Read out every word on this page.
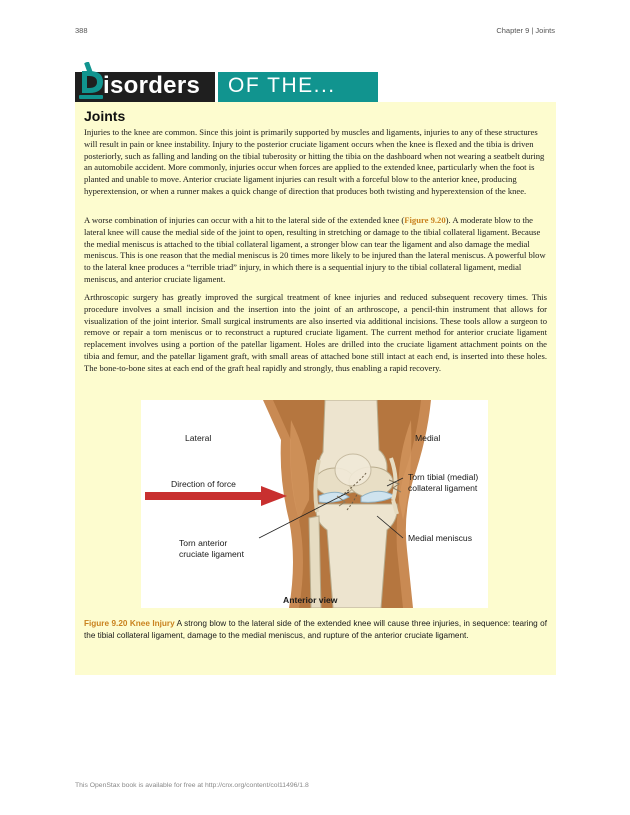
388	Chapter 9 | Joints
isorders OF THE...
Joints

Injuries to the knee are common. Since this joint is primarily supported by muscles and ligaments, injuries to any of these structures will result in pain or knee instability. Injury to the posterior cruciate ligament occurs when the knee is flexed and the tibia is driven posteriorly, such as falling and landing on the tibial tuberosity or hitting the tibia on the dashboard when not wearing a seatbelt during an automobile accident. More commonly, injuries occur when forces are applied to the extended knee, particularly when the foot is planted and unable to move. Anterior cruciate ligament injuries can result with a forceful blow to the anterior knee, producing hyperextension, or when a runner makes a quick change of direction that produces both twisting and hyperextension of the knee.

A worse combination of injuries can occur with a hit to the lateral side of the extended knee (Figure 9.20). A moderate blow to the lateral knee will cause the medial side of the joint to open, resulting in stretching or damage to the tibial collateral ligament. Because the medial meniscus is attached to the tibial collateral ligament, a stronger blow can tear the ligament and also damage the medial meniscus. This is one reason that the medial meniscus is 20 times more likely to be injured than the lateral meniscus. A powerful blow to the lateral knee produces a “terrible triad” injury, in which there is a sequential injury to the tibial collateral ligament, medial meniscus, and anterior cruciate ligament.

Arthroscopic surgery has greatly improved the surgical treatment of knee injuries and reduced subsequent recovery times. This procedure involves a small incision and the insertion into the joint of an arthroscope, a pencil-thin instrument that allows for visualization of the joint interior. Small surgical instruments are also inserted via additional incisions. These tools allow a surgeon to remove or repair a torn meniscus or to reconstruct a ruptured cruciate ligament. The current method for anterior cruciate ligament replacement involves using a portion of the patellar ligament. Holes are drilled into the cruciate ligament attachment points on the tibia and femur, and the patellar ligament graft, with small areas of attached bone still intact at each end, is inserted into these holes. The bone-to-bone sites at each end of the graft heal rapidly and strongly, thus enabling a rapid recovery.

Lateral	Medial
Direction of force
Torn tibial (medial)
collateral ligament
Medial meniscus
Torn anterior
cruciate ligament
Anterior view

Figure 9.20 Knee Injury A strong blow to the lateral side of the extended knee will cause three injuries, in sequence: tearing of the tibial collateral ligament, damage to the medial meniscus, and rupture of the anterior cruciate ligament.

This OpenStax book is available for free at http://cnx.org/content/col11496/1.8
